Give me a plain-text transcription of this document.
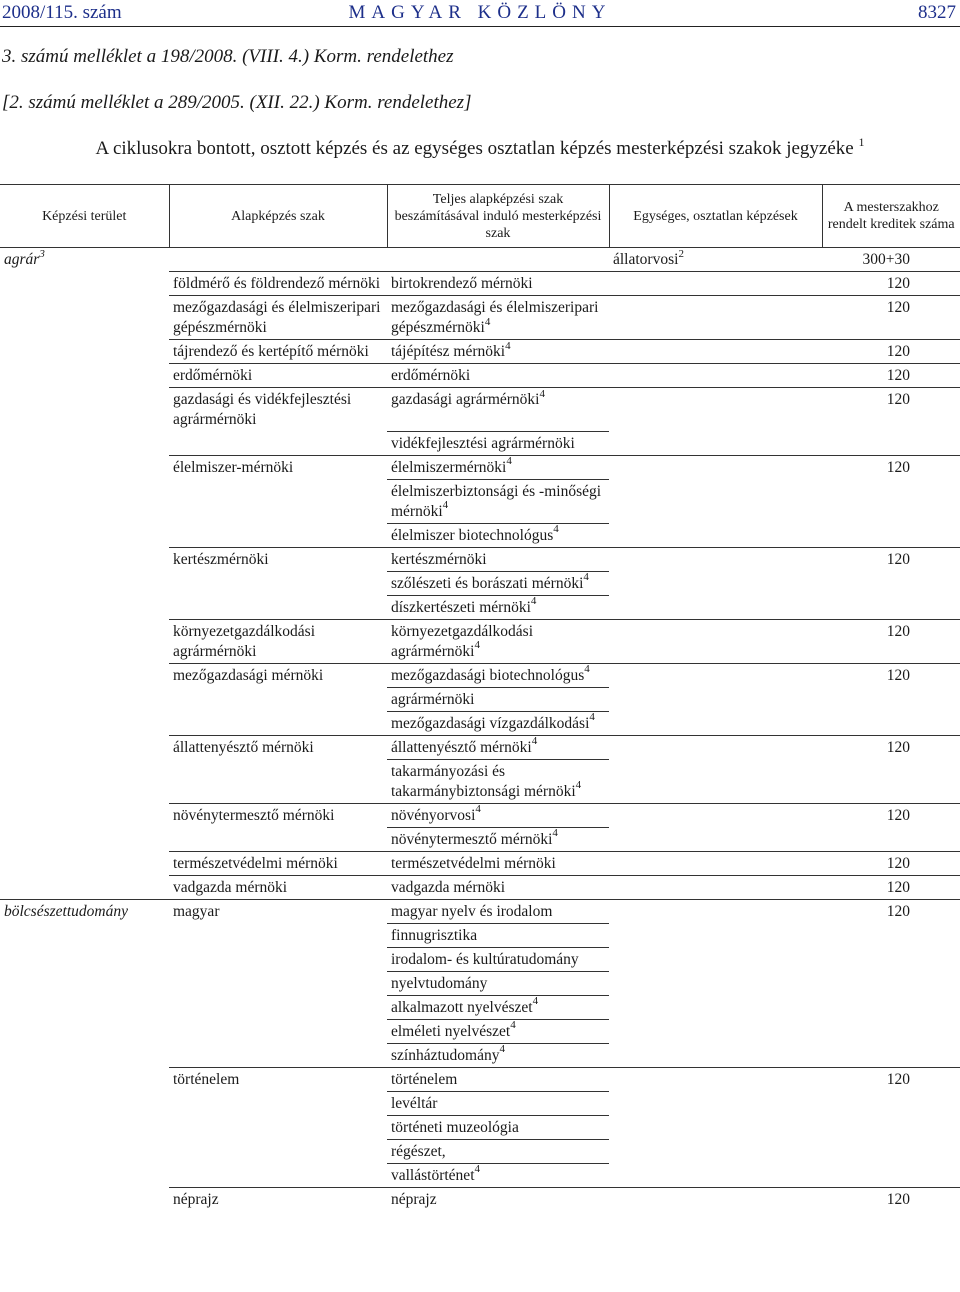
2008/115. szám	MAGYAR KÖZLÖNY	8327
3. számú melléklet a 198/2008. (VIII. 4.) Korm. rendelethez
[2. számú melléklet a 289/2005. (XII. 22.) Korm. rendelethez]
A ciklusokra bontott, osztott képzés és az egységes osztatlan képzés mesterképzési szakok jegyzéke $^1$
Képzési terület	Alapképzés szak	Teljes alapképzési szak beszámításával induló mesterképzési szak	Egységes, osztatlan képzések	A mesterszakhoz rendelt kreditek száma
agrár$^3$			állatorvosi$^2$	300+30
	földmérő és földrendező mérnöki	birtokrendező mérnöki		120
	mezőgazdasági és élelmiszeripari gépészmérnöki	mezőgazdasági és élelmiszeripari gépészmérnöki$^4$		120
	tájrendező és kertépítő mérnöki	tájépítész mérnöki$^4$		120
	erdőmérnöki	erdőmérnöki		120
	gazdasági és vidékfejlesztési agrármérnöki	gazdasági agrármérnöki$^4$		120
		vidékfejlesztési agrármérnöki		
	élelmiszer-mérnöki	élelmiszermérnöki$^4$		120
		élelmiszerbiztonsági és -minőségi mérnöki$^4$		
		élelmiszer biotechnológus$^4$		
	kertészmérnöki	kertészmérnöki		120
		szőlészeti és borászati mérnöki$^4$		
		díszkertészeti mérnöki$^4$		
	környezetgazdálkodási agrármérnöki	környezetgazdálkodási agrármérnöki$^4$		120
	mezőgazdasági mérnöki	mezőgazdasági biotechnológus$^4$		120
		agrármérnöki		
		mezőgazdasági vízgazdálkodási$^4$		
	állattenyésztő mérnöki	állattenyésztő mérnöki$^4$		120
		takarmányozási és takarmánybiztonsági mérnöki$^4$		
	növénytermesztő mérnöki	növényorvosi$^4$		120
		növénytermesztő mérnöki$^4$		
	természetvédelmi mérnöki	természetvédelmi mérnöki		120
	vadgazda mérnöki	vadgazda mérnöki		120
bölcsészettudomány	magyar	magyar nyelv és irodalom		120
		finnugrisztika		
		irodalom- és kultúratudomány		
		nyelvtudomány		
		alkalmazott nyelvészet$^4$		
		elméleti nyelvészet$^4$		
		színháztudomány$^4$		
	történelem	történelem		120
		levéltár		
		történeti muzeológia		
		régészet,		
		vallástörténet$^4$		
	néprajz	néprajz		120
